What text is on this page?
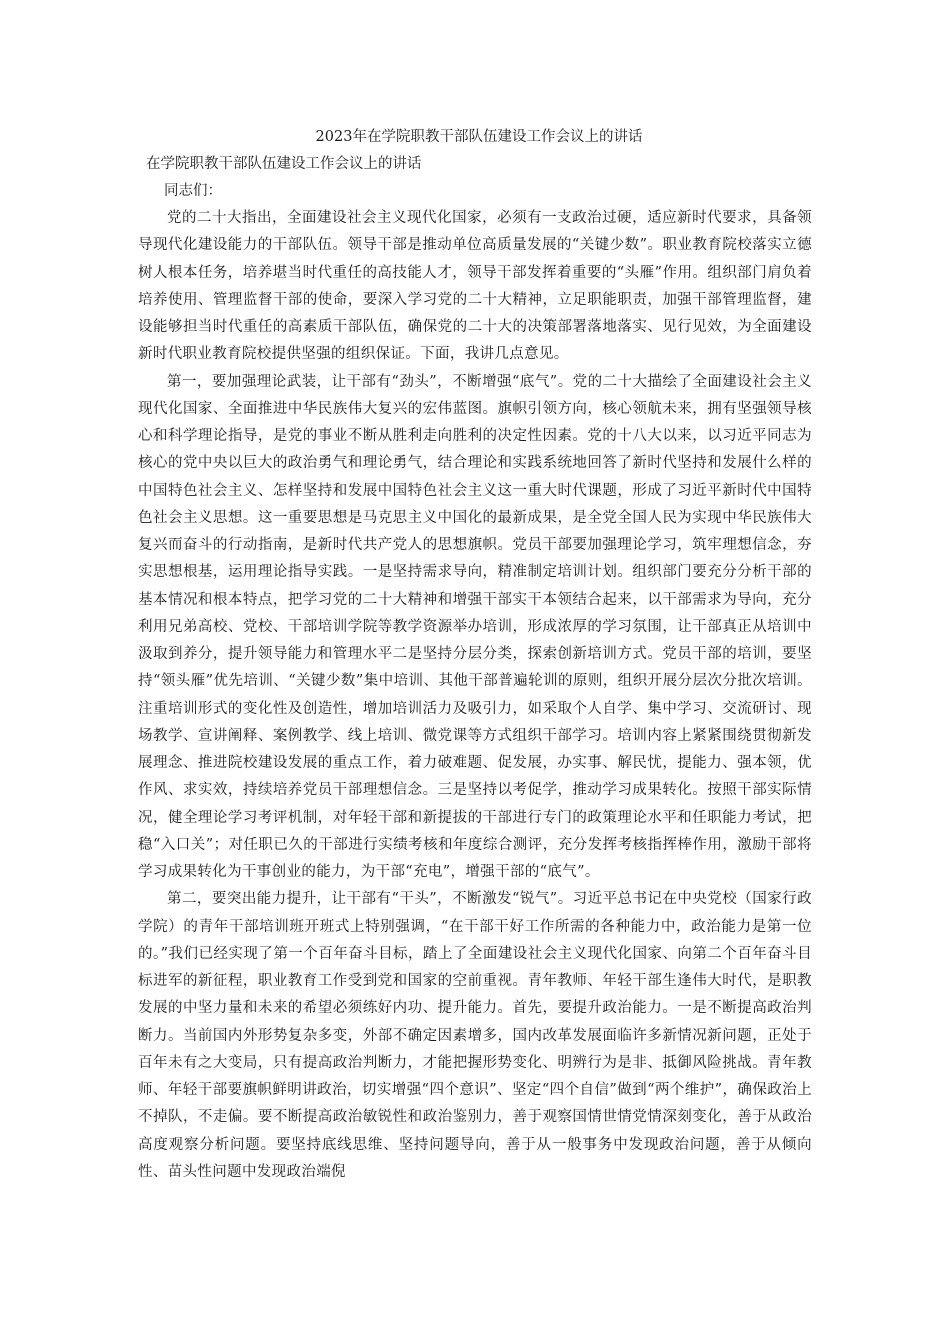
2023年在学院职教干部队伍建设工作会议上的讲话

在学院职教干部队伍建设工作会议上的讲话

同志们：

党的二十大指出，全面建设社会主义现代化国家，必须有一支政治过硬，适应新时代要求，具备领导现代化建设能力的干部队伍。领导干部是推动单位高质量发展的“关键少数”。职业教育院校落实立德树人根本任务，培养堪当时代重任的高技能人才，领导干部发挥着重要的“头雁”作用。组织部门肩负着培养使用、管理监督干部的使命，要深入学习党的二十大精神，立足职能职责，加强干部管理监督，建设能够担当时代重任的高素质干部队伍，确保党的二十大的决策部署落地落实、见行见效，为全面建设新时代职业教育院校提供坚强的组织保证。下面，我讲几点意见。

第一，要加强理论武装，让干部有“劲头”，不断增强“底气”。党的二十大描绘了全面建设社会主义现代化国家、全面推进中华民族伟大复兴的宏伟蓝图。旗帜引领方向，核心领航未来，拥有坚强领导核心和科学理论指导，是党的事业不断从胜利走向胜利的决定性因素。党的十八大以来，以习近平同志为核心的党中央以巨大的政治勇气和理论勇气，结合理论和实践系统地回答了新时代坚持和发展什么样的中国特色社会主义、怎样坚持和发展中国特色社会主义这一重大时代课题，形成了习近平新时代中国特色社会主义思想。这一重要思想是马克思主义中国化的最新成果，是全党全国人民为实现中华民族伟大复兴而奋斗的行动指南，是新时代共产党人的思想旗帜。党员干部要加强理论学习，筑牢理想信念，夯实思想根基，运用理论指导实践。一是坚持需求导向，精准制定培训计划。组织部门要充分分析干部的基本情况和根本特点，把学习党的二十大精神和增强干部实干本领结合起来，以干部需求为导向，充分利用兄弟高校、党校、干部培训学院等教学资源举办培训，形成浓厚的学习氛围，让干部真正从培训中汲取到养分，提升领导能力和管理水平二是坚持分层分类，探索创新培训方式。党员干部的培训，要坚持“领头雁”优先培训、“关键少数”集中培训、其他干部普遍轮训的原则，组织开展分层次分批次培训。注重培训形式的变化性及创造性，增加培训活力及吸引力，如采取个人自学、集中学习、交流研讨、现场教学、宣讲阐释、案例教学、线上培训、微党课等方式组织干部学习。培训内容上紧紧围绕贯彻新发展理念、推进院校建设发展的重点工作，着力破难题、促发展，办实事、解民忧，提能力、强本领，优作风、求实效，持续培养党员干部理想信念。三是坚持以考促学，推动学习成果转化。按照干部实际情况，健全理论学习考评机制，对年轻干部和新提拔的干部进行专门的政策理论水平和任职能力考试，把稳“入口关”；对任职已久的干部进行实绩考核和年度综合测评，充分发挥考核指挥棒作用，激励干部将学习成果转化为干事创业的能力，为干部“充电”，增强干部的“底气”。

第二，要突出能力提升，让干部有“干头”，不断激发“锐气”。习近平总书记在中央党校（国家行政学院）的青年干部培训班开班式上特别强调，“在干部干好工作所需的各种能力中，政治能力是第一位的。”我们已经实现了第一个百年奋斗目标，踏上了全面建设社会主义现代化国家、向第二个百年奋斗目标进军的新征程，职业教育工作受到党和国家的空前重视。青年教师、年轻干部生逢伟大时代，是职教发展的中坚力量和未来的希望必须练好内功、提升能力。首先，要提升政治能力。一是不断提高政治判断力。当前国内外形势复杂多变，外部不确定因素增多，国内改革发展面临许多新情况新问题，正处于百年未有之大变局，只有提高政治判断力，才能把握形势变化、明辨行为是非、抵御风险挑战。青年教师、年轻干部要旗帜鲜明讲政治，切实增强“四个意识”、坚定“四个自信”做到“两个维护”，确保政治上不掉队，不走偏。要不断提高政治敏锐性和政治鉴别力，善于观察国情世情党情深刻变化，善于从政治高度观察分析问题。要坚持底线思维、坚持问题导向，善于从一般事务中发现政治问题，善于从倾向性、苗头性问题中发现政治端倪
